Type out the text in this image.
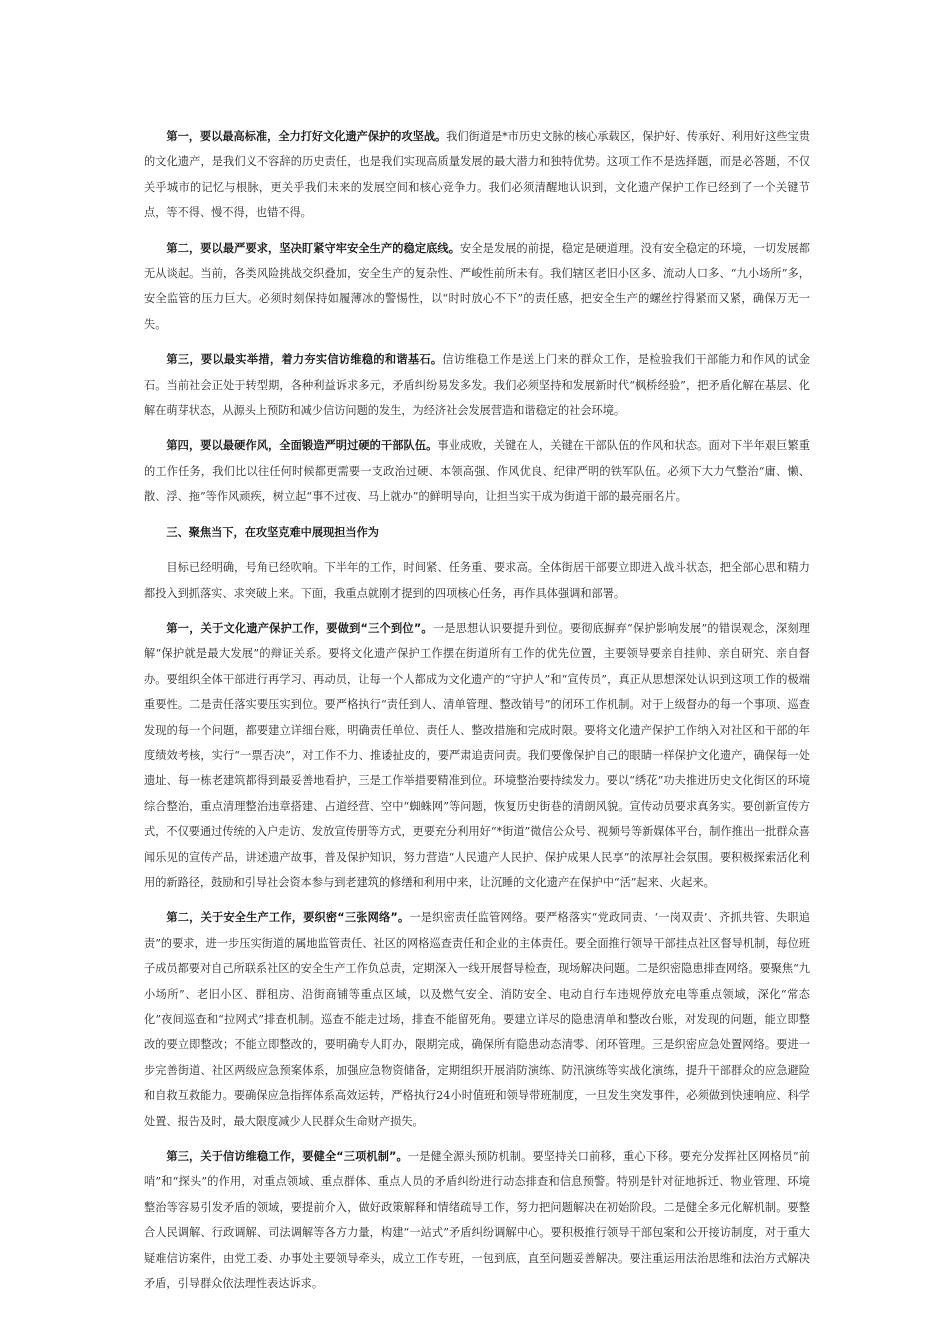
第一，要以最高标准，全力打好文化遗产保护的攻坚战。我们街道是*市历史文脉的核心承载区，保护好、传承好、利用好这些宝贵的文化遗产，是我们义不容辞的历史责任，也是我们实现高质量发展的最大潜力和独特优势。这项工作不是选择题，而是必答题，不仅关乎城市的记忆与根脉，更关乎我们未来的发展空间和核心竞争力。我们必须清醒地认识到，文化遗产保护工作已经到了一个关键节点，等不得、慢不得，也错不得。

第二，要以最严要求，坚决盯紧守牢安全生产的稳定底线。安全是发展的前提，稳定是硬道理。没有安全稳定的环境，一切发展都无从谈起。当前，各类风险挑战交织叠加，安全生产的复杂性、严峻性前所未有。我们辖区老旧小区多、流动人口多、“九小场所”多，安全监管的压力巨大。必须时刻保持如履薄冰的警惕性，以“时时放心不下”的责任感，把安全生产的螺丝拧得紧而又紧，确保万无一失。

第三，要以最实举措，着力夯实信访维稳的和谐基石。信访维稳工作是送上门来的群众工作，是检验我们干部能力和作风的试金石。当前社会正处于转型期，各种利益诉求多元，矛盾纠纷易发多发。我们必须坚持和发展新时代“枫桥经验”，把矛盾化解在基层、化解在萌芽状态，从源头上预防和减少信访问题的发生，为经济社会发展营造和谐稳定的社会环境。

第四，要以最硬作风，全面锻造严明过硬的干部队伍。事业成败，关键在人，关键在干部队伍的作风和状态。面对下半年艰巨繁重的工作任务，我们比以往任何时候都更需要一支政治过硬、本领高强、作风优良、纪律严明的铁军队伍。必须下大力气整治“庸、懒、散、浮、拖”等作风顽疾，树立起“事不过夜、马上就办”的鲜明导向，让担当实干成为街道干部的最亮丽名片。

三、聚焦当下，在攻坚克难中展现担当作为

目标已经明确，号角已经吹响。下半年的工作，时间紧、任务重、要求高。全体街居干部要立即进入战斗状态，把全部心思和精力都投入到抓落实、求突破上来。下面，我重点就刚才提到的四项核心任务，再作具体强调和部署。

第一，关于文化遗产保护工作，要做到“三个到位”。一是思想认识要提升到位。要彻底摒弃“保护影响发展”的错误观念，深刻理解“保护就是最大发展”的辩证关系。要将文化遗产保护工作摆在街道所有工作的优先位置，主要领导要亲自挂帅、亲自研究、亲自督办。要组织全体干部进行再学习、再动员，让每一个人都成为文化遗产的“守护人”和“宣传员”，真正从思想深处认识到这项工作的极端重要性。二是责任落实要压实到位。要严格执行“责任到人、清单管理、整改销号”的闭环工作机制。对于上级督办的每一个事项、巡查发现的每一个问题，都要建立详细台账，明确责任单位、责任人、整改措施和完成时限。要将文化遗产保护工作纳入对社区和干部的年度绩效考核，实行“一票否决”，对工作不力、推诿扯皮的，要严肃追责问责。我们要像保护自己的眼睛一样保护文化遗产，确保每一处遗址、每一栋老建筑都得到最妥善地看护，三是工作举措要精准到位。环境整治要持续发力。要以“绣花”功夫推进历史文化街区的环境综合整治，重点清理整治违章搭建、占道经营、空中“蜘蛛网”等问题，恢复历史街巷的清朗风貌。宣传动员要求真务实。要创新宣传方式，不仅要通过传统的入户走访、发放宣传册等方式，更要充分利用好“*街道”微信公众号、视频号等新媒体平台，制作推出一批群众喜闻乐见的宣传产品，讲述遗产故事，普及保护知识，努力营造“人民遗产人民护、保护成果人民享”的浓厚社会氛围。要积极探索活化利用的新路径，鼓励和引导社会资本参与到老建筑的修缮和利用中来，让沉睡的文化遗产在保护中“活”起来、火起来。

第二，关于安全生产工作，要织密“三张网络”。一是织密责任监管网络。要严格落实“党政同责、‘一岗双责’、齐抓共管、失职追责”的要求，进一步压实街道的属地监管责任、社区的网格巡查责任和企业的主体责任。要全面推行领导干部挂点社区督导机制，每位班子成员都要对自己所联系社区的安全生产工作负总责，定期深入一线开展督导检查，现场解决问题。二是织密隐患排查网络。要聚焦“九小场所”、老旧小区、群租房、沿街商铺等重点区域，以及燃气安全、消防安全、电动自行车违规停放充电等重点领域，深化“常态化”夜间巡查和“拉网式”排查机制。巡查不能走过场，排查不能留死角。要建立详尽的隐患清单和整改台账，对发现的问题，能立即整改的要立即整改；不能立即整改的，要明确专人盯办，限期完成，确保所有隐患动态清零、闭环管理。三是织密应急处置网络。要进一步完善街道、社区两级应急预案体系，加强应急物资储备，定期组织开展消防演练、防汛演练等实战化演练，提升干部群众的应急避险和自救互救能力。要确保应急指挥体系高效运转，严格执行24小时值班和领导带班制度，一旦发生突发事件，必须做到快速响应、科学处置、报告及时，最大限度减少人民群众生命财产损失。

第三，关于信访维稳工作，要健全“三项机制”。一是健全源头预防机制。要坚持关口前移，重心下移。要充分发挥社区网格员“前哨”和“探头”的作用，对重点领域、重点群体、重点人员的矛盾纠纷进行动态排查和信息预警。特别是针对征地拆迁、物业管理、环境整治等容易引发矛盾的领域，要提前介入，做好政策解释和情绪疏导工作，努力把问题解决在初始阶段。二是健全多元化解机制。要整合人民调解、行政调解、司法调解等各方力量，构建“一站式”矛盾纠纷调解中心。要积极推行领导干部包案和公开接访制度，对于重大疑难信访案件，由党工委、办事处主要领导牵头，成立工作专班，一包到底，直至问题妥善解决。要注重运用法治思维和法治方式解决矛盾，引导群众依法理性表达诉求。
